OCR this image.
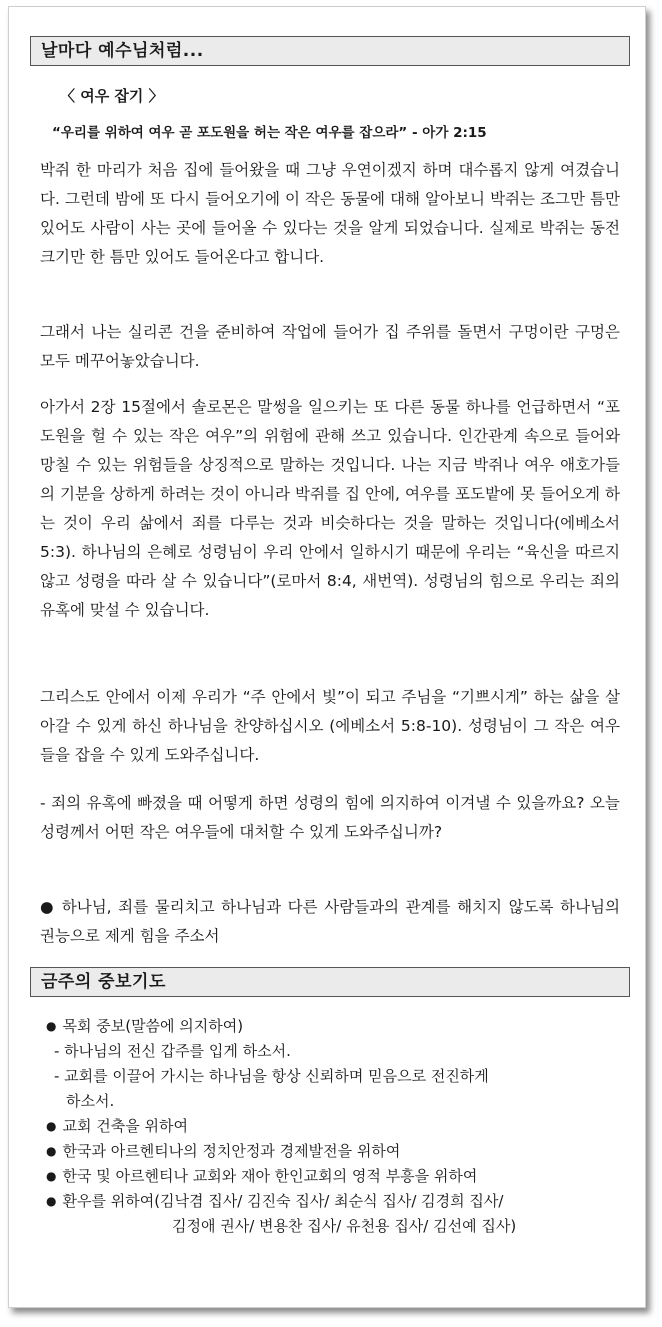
날마다 예수님처럼...
〈 여우 잡기 〉
“우리를 위하여 여우 곧 포도원을 허는 작은 여우를 잡으라” - 아가 2:15
박쥐 한 마리가 처음 집에 들어왔을 때 그냥 우연이겠지 하며 대수롭지 않게 여겼습니다. 그런데 밤에 또 다시 들어오기에 이 작은 동물에 대해 알아보니 박쥐는 조그만 틈만 있어도 사람이 사는 곳에 들어올 수 있다는 것을 알게 되었습니다. 실제로 박쥐는 동전 크기만 한 틈만 있어도 들어온다고 합니다.
그래서 나는 실리콘 건을 준비하여 작업에 들어가 집 주위를 돌면서 구멍이란 구멍은 모두 메꾸어놓았습니다.
아가서 2장 15절에서 솔로몬은 말썽을 일으키는 또 다른 동물 하나를 언급하면서 “포도원을 헐 수 있는 작은 여우”의 위험에 관해 쓰고 있습니다. 인간관계 속으로 들어와 망칠 수 있는 위험들을 상징적으로 말하는 것입니다. 나는 지금 박쥐나 여우 애호가들의 기분을 상하게 하려는 것이 아니라 박쥐를 집 안에, 여우를 포도밭에 못 들어오게 하는 것이 우리 삶에서 죄를 다루는 것과 비슷하다는 것을 말하는 것입니다(에베소서 5:3). 하나님의 은혜로 성령님이 우리 안에서 일하시기 때문에 우리는 “육신을 따르지 않고 성령을 따라 살 수 있습니다”(로마서 8:4, 새번역). 성령님의 힘으로 우리는 죄의 유혹에 맞설 수 있습니다.
그리스도 안에서 이제 우리가 “주 안에서 빛”이 되고 주님을 “기쁘시게” 하는 삶을 살아갈 수 있게 하신 하나님을 찬양하십시오 (에베소서 5:8-10). 성령님이 그 작은 여우들을 잡을 수 있게 도와주십니다.
- 죄의 유혹에 빠졌을 때 어떻게 하면 성령의 힘에 의지하여 이겨낼 수 있을까요? 오늘 성령께서 어떤 작은 여우들에 대처할 수 있게 도와주십니까?
● 하나님, 죄를 물리치고 하나님과 다른 사람들과의 관계를 해치지 않도록 하나님의 권능으로 제게 힘을 주소서
금주의 중보기도
● 목회 중보(말씀에 의지하여)
- 하나님의 전신 갑주를 입게 하소서.
- 교회를 이끌어 가시는 하나님을 항상 신뢰하며 믿음으로 전진하게
하소서.
● 교회 건축을 위하여
● 한국과 아르헨티나의 정치안정과 경제발전을 위하여
● 한국 및 아르헨티나 교회와 재아 한인교회의 영적 부흥을 위하여
● 환우를 위하여(김낙겸 집사/ 김진숙 집사/ 최순식 집사/ 김경희 집사/
김정애 권사/ 변용찬 집사/ 유천용 집사/ 김선예 집사)
